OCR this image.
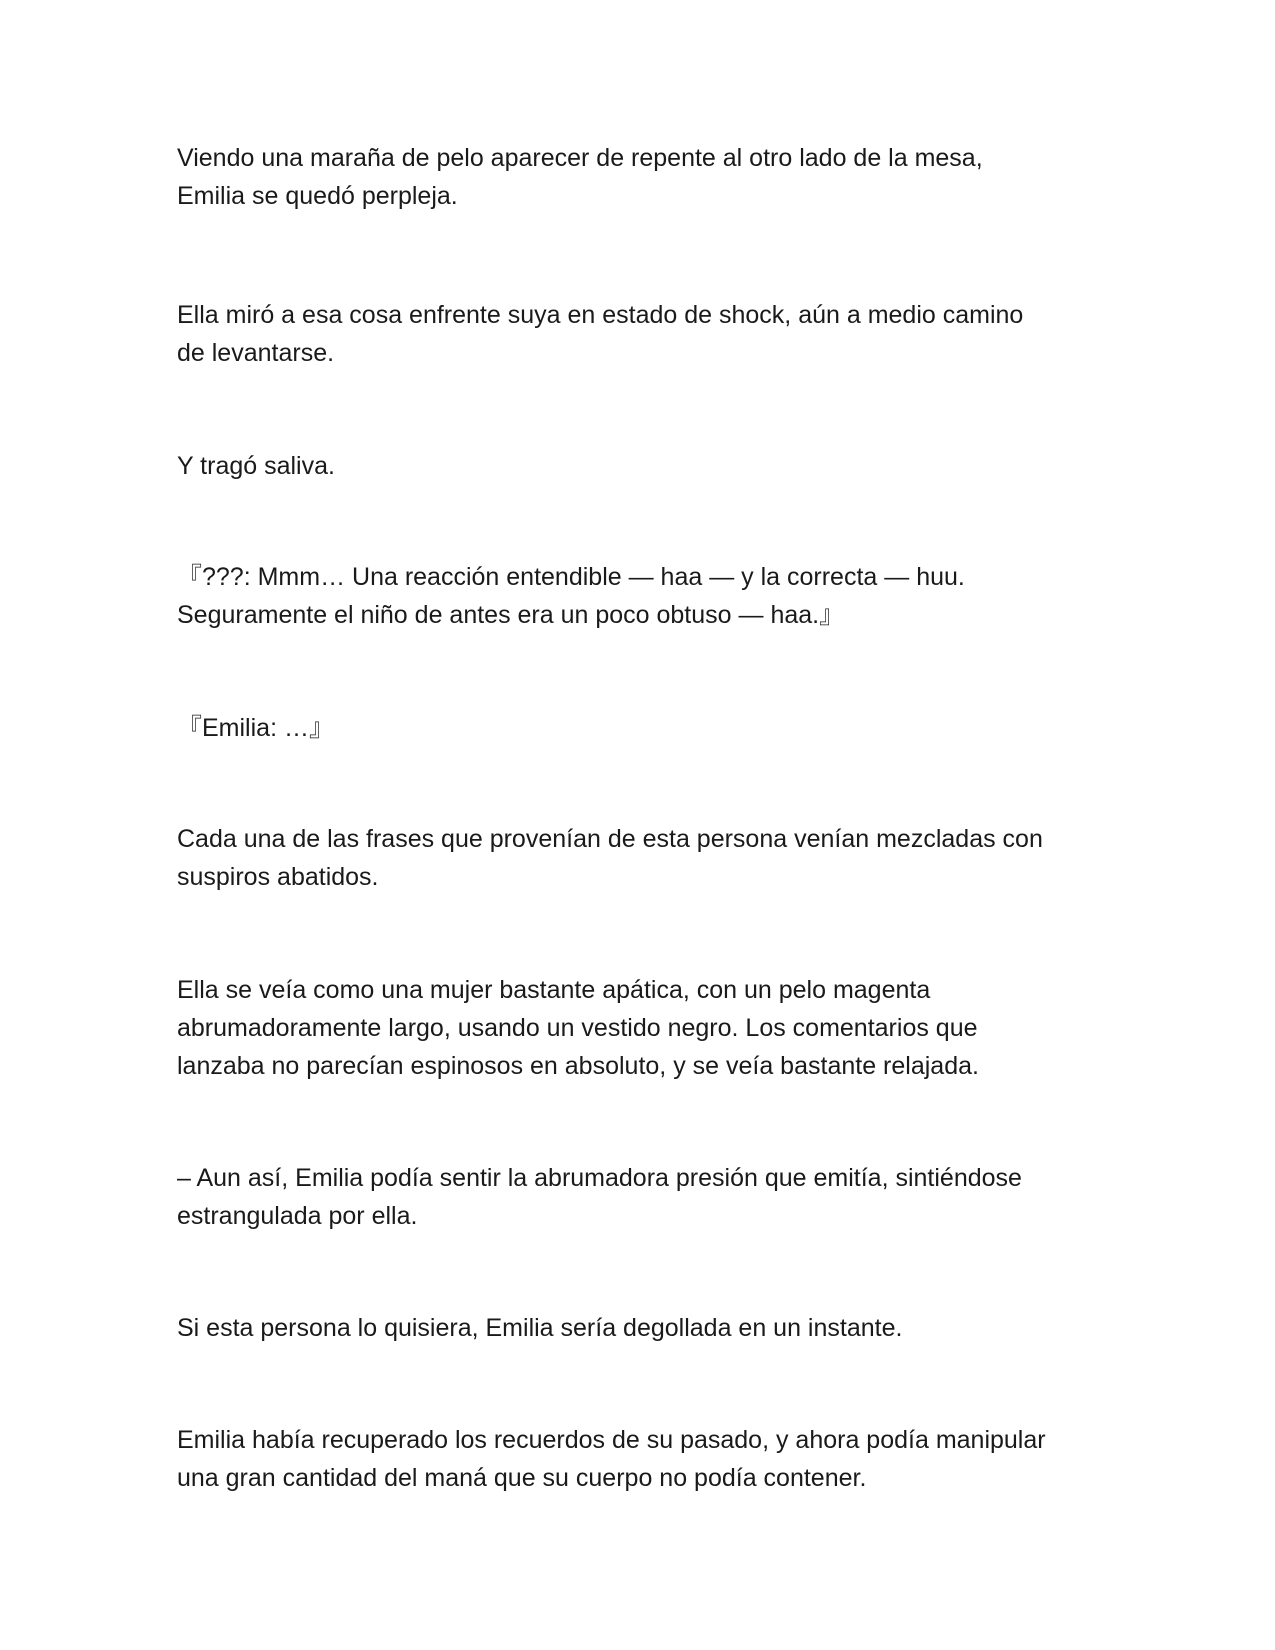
Viendo una maraña de pelo aparecer de repente al otro lado de la mesa,
Emilia se quedó perpleja.

Ella miró a esa cosa enfrente suya en estado de shock, aún a medio camino
de levantarse.

Y tragó saliva.

『???: Mmm… Una reacción entendible — haa — y la correcta — huu.
Seguramente el niño de antes era un poco obtuso — haa.』

『Emilia: …』

Cada una de las frases que provenían de esta persona venían mezcladas con
suspiros abatidos.

Ella se veía como una mujer bastante apática, con un pelo magenta
abrumadoramente largo, usando un vestido negro. Los comentarios que
lanzaba no parecían espinosos en absoluto, y se veía bastante relajada.

– Aun así, Emilia podía sentir la abrumadora presión que emitía, sintiéndose
estrangulada por ella.

Si esta persona lo quisiera, Emilia sería degollada en un instante.

Emilia había recuperado los recuerdos de su pasado, y ahora podía manipular
una gran cantidad del maná que su cuerpo no podía contener.
